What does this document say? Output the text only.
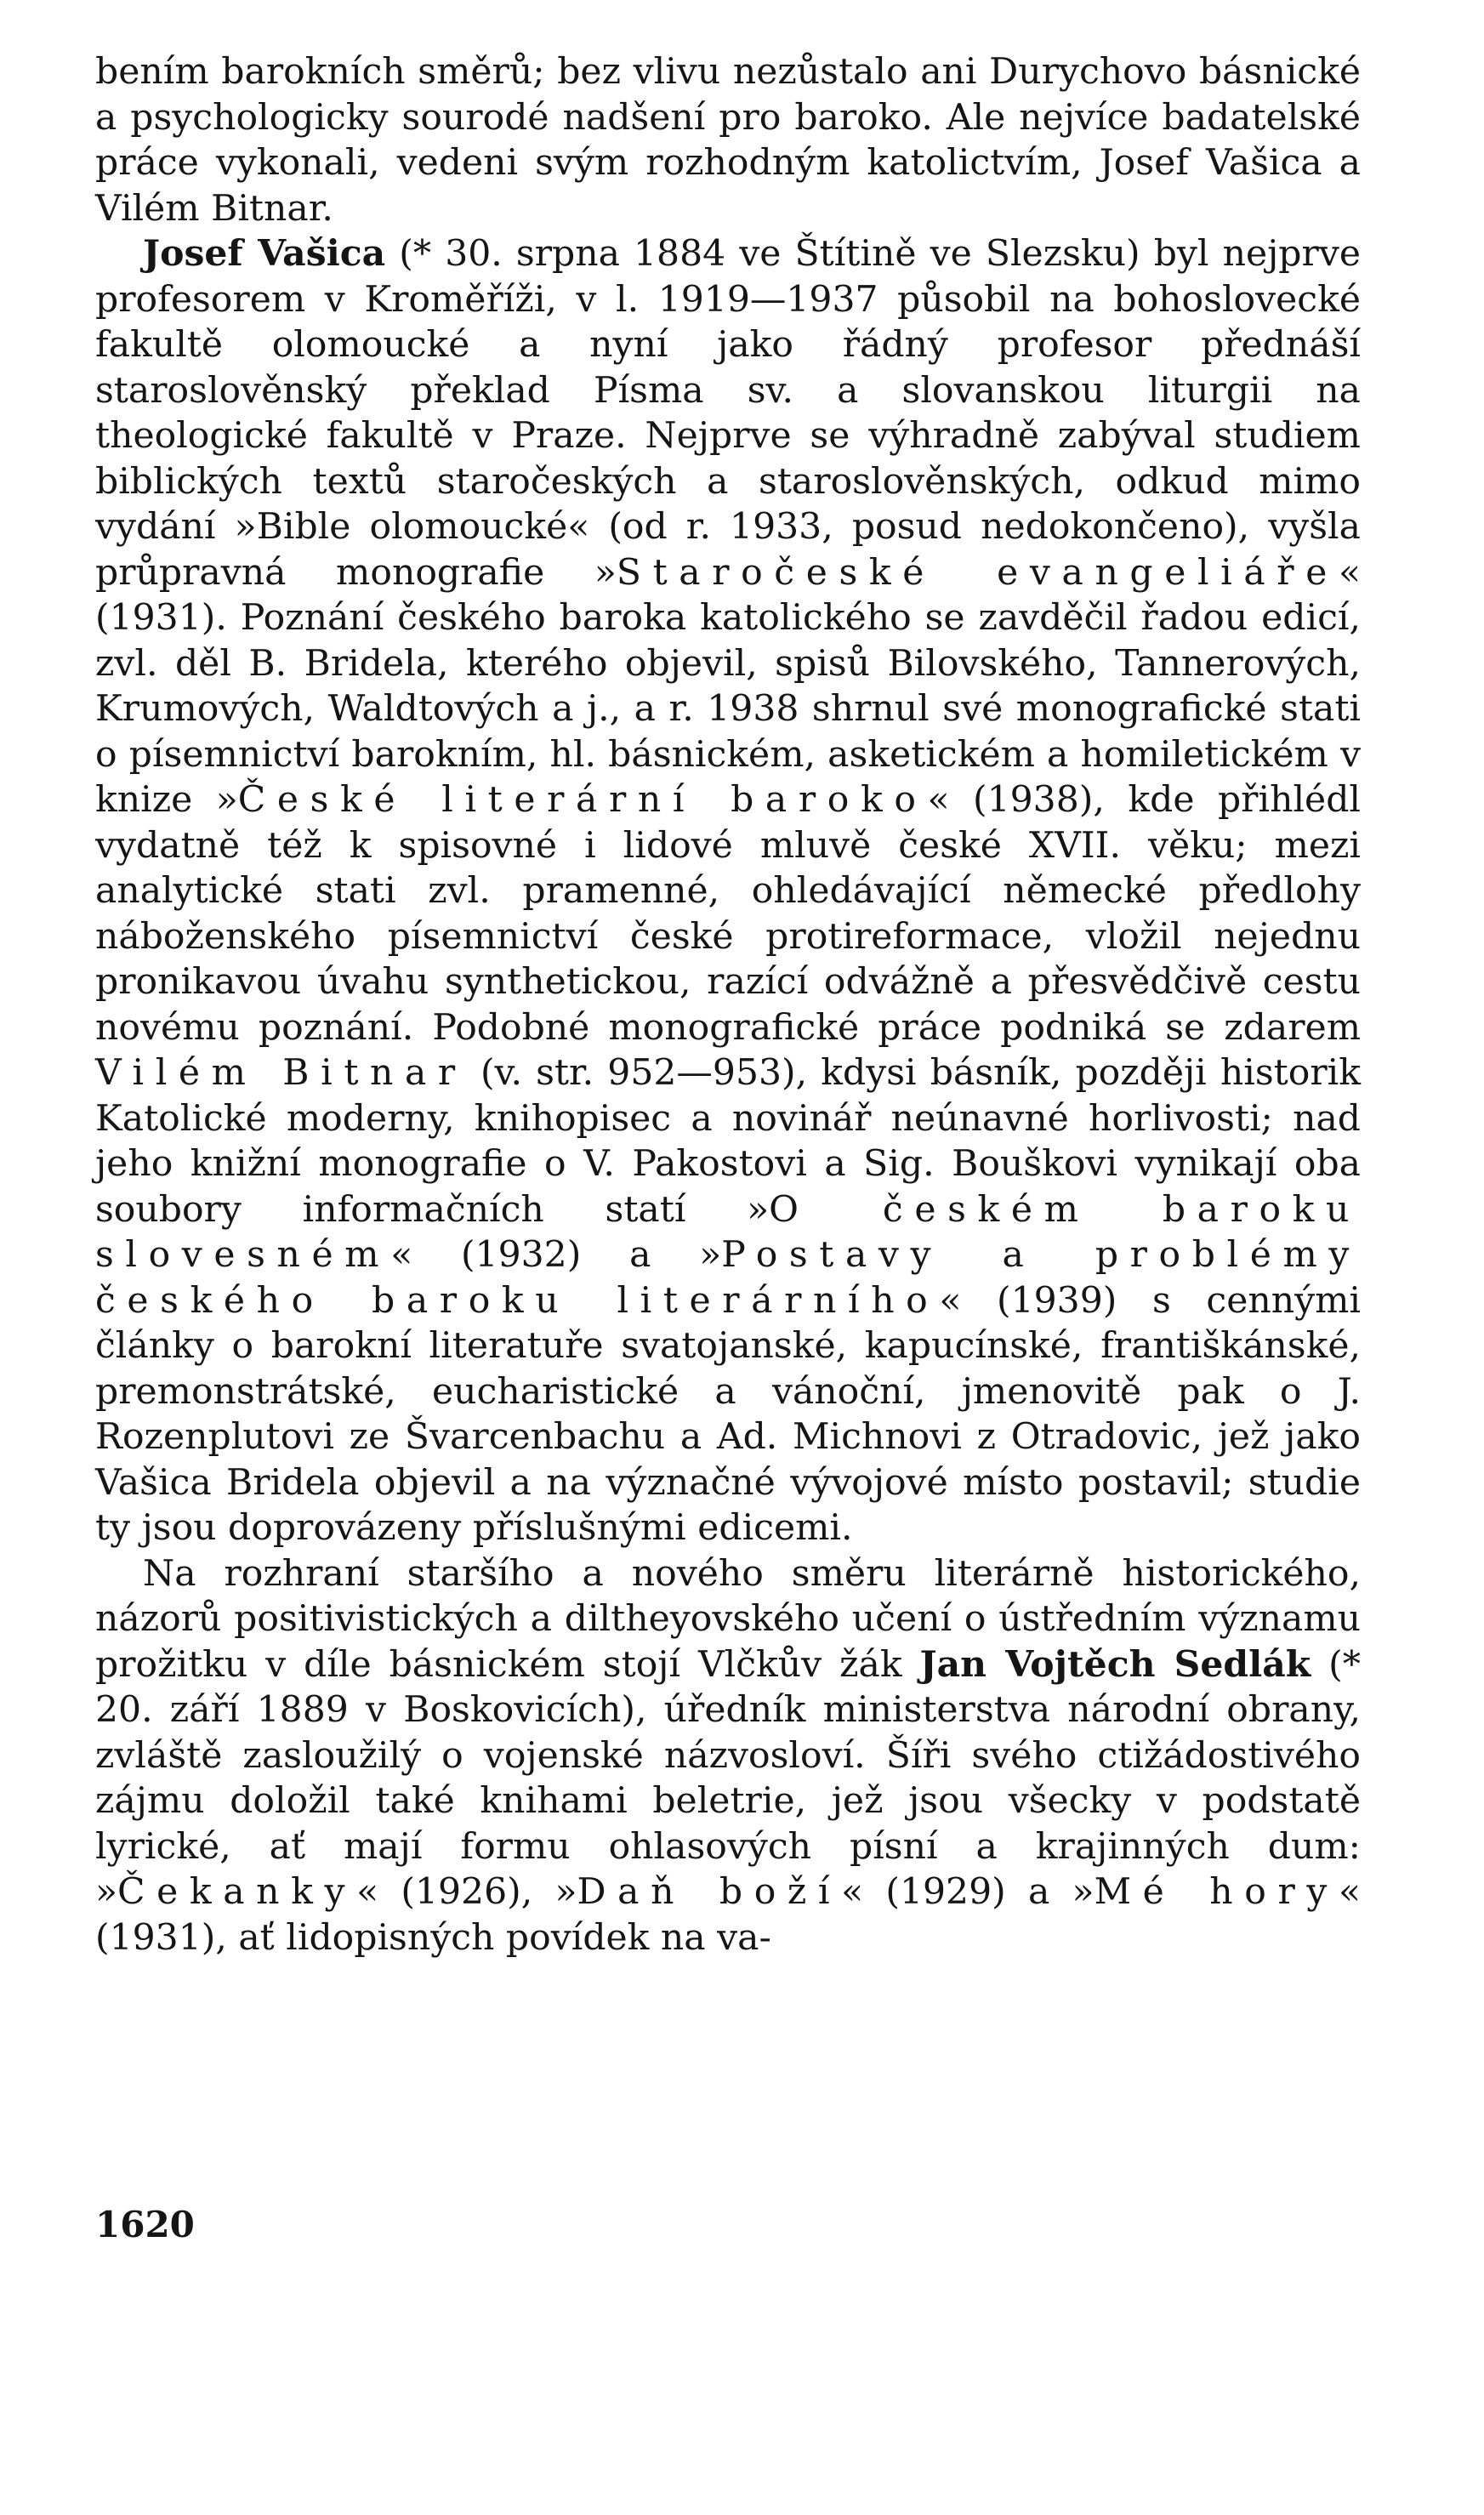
bením barokních směrů; bez vlivu nezůstalo ani Durychovo básnické a psychologicky sourodé nadšení pro baroko. Ale nejvíce badatelské práce vykonali, vedeni svým rozhodným katolictvím, Josef Vašica a Vilém Bitnar.

Josef Vašica (* 30. srpna 1884 ve Štítině ve Slezsku) byl nejprve profesorem v Kroměříži, v l. 1919—1937 působil na bohoslovecké fakultě olomoucké a nyní jako řádný profesor přednáší staroslověnský překlad Písma sv. a slovanskou liturgii na theologické fakultě v Praze. Nejprve se výhradně zabýval studiem biblických textů staročeských a staroslověnských, odkud mimo vydání »Bible olomoucké« (od r. 1933, posud nedokončeno), vyšla průpravná monografie »Staročeské evangeliáře« (1931). Poznání českého baroka katolického se zavděčil řadou edicí, zvl. děl B. Bridela, kterého objevil, spisů Bilovského, Tannerových, Krumových, Waldtových a j., a r. 1938 shrnul své monografické stati o písemnictví barokním, hl. básnickém, asketickém a homiletickém v knize »České literární baroko« (1938), kde přihlédl vydatně též k spisovné i lidové mluvě české XVII. věku; mezi analytické stati zvl. pramenné, ohledávající německé předlohy náboženského písemnictví české protireformace, vložil nejednu pronikavou úvahu synthetickou, razící odvážně a přesvědčivě cestu novému poznání. Podobné monografické práce podniká se zdarem Vilém Bitnar (v. str. 952—953), kdysi básník, později historik Katolické moderny, knihopisec a novinář neúnavné horlivosti; nad jeho knižní monografie o V. Pakostovi a Sig. Bouškovi vynikají oba soubory informačních statí »O českém baroku slovesném« (1932) a »Postavy a problémy českého baroku literárního« (1939) s cennými články o barokní literatuře svatojanské, kapucínské, františkánské, premonstrátské, eucharistické a vánoční, jmenovitě pak o J. Rozenplutovi ze Švarcenbachu a Ad. Michnovi z Otradovic, jež jako Vašica Bridela objevil a na význačné vývojové místo postavil; studie ty jsou doprovázeny příslušnými edicemi.

Na rozhraní staršího a nového směru literárně historického, názorů positivistických a diltheyovského učení o ústředním významu prožitku v díle básnickém stojí Vlčkův žák Jan Vojtěch Sedlák (* 20. září 1889 v Boskovicích), úředník ministerstva národní obrany, zvláště zasloužilý o vojenské názvosloví. Šíři svého ctižádostivého zájmu doložil také knihami beletrie, jež jsou všecky v podstatě lyrické, ať mají formu ohlasových písní a krajinných dum: »Čekanky« (1926), »Daň boží« (1929) a »Mé hory« (1931), ať lidopisných povídek na va-

1620
